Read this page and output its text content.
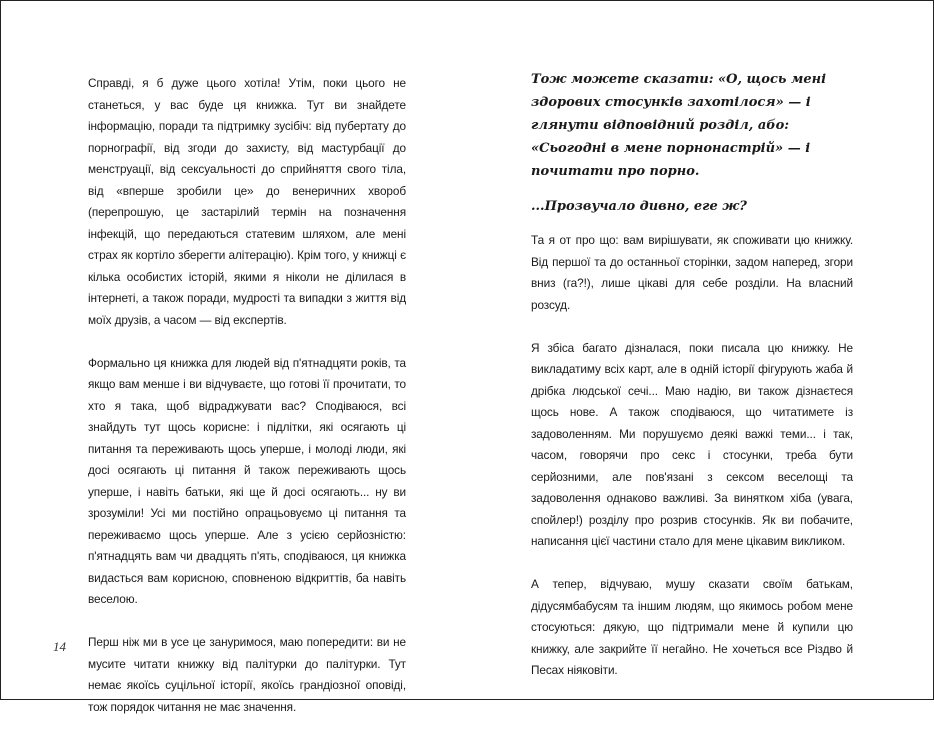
Справді, я б дуже цього хотіла! Утім, поки цього не станеться, у вас буде ця книжка. Тут ви знайдете інформацію, поради та підтримку зусібіч: від пубертату до порнографії, від згоди до захисту, від мастурбації до менструації, від сексуальності до сприйняття свого тіла, від «вперше зробили це» до венеричних хвороб (перепрошую, це застарілий термін на позначення інфекцій, що передаються статевим шляхом, але мені страх як кортіло зберегти алітерацію). Крім того, у книжці є кілька особистих історій, якими я ніколи не ділилася в інтернеті, а також поради, мудрості та випадки з життя від моїх друзів, а часом — від експертів.

Формально ця книжка для людей від п'ятнадцяти років, та якщо вам менше і ви відчуваєте, що готові її прочитати, то хто я така, щоб відраджувати вас? Сподіваюся, всі знайдуть тут щось корисне: і підлітки, які осягають ці питання та переживають щось уперше, і молоді люди, які досі осягають ці питання й також переживають щось уперше, і навіть батьки, які ще й досі осягають... ну ви зрозуміли! Усі ми постійно опрацьовуємо ці питання та переживаємо щось уперше. Але з усією серйозністю: п'ятнадцять вам чи двадцять п'ять, сподіваюся, ця книжка видасться вам корисною, сповненою відкриттів, ба навіть веселою.

Перш ніж ми в усе це зануримося, маю попередити: ви не мусите читати книжку від палітурки до палітурки. Тут немає якоїсь суцільної історії, якоїсь грандіозної оповіді, тож порядок читання не має значення.

14

Тож можете сказати: «О, щось мені здорових стосунків захотілося» — і глянути відповідний розділ, або: «Сьогодні в мене порнонастрій» — і почитати про порно.

...Прозвучало дивно, еге ж?

Та я от про що: вам вирішувати, як споживати цю книжку. Від першої та до останньої сторінки, задом наперед, згори вниз (га?!), лише цікаві для себе розділи. На власний розсуд.

Я збіса багато дізналася, поки писала цю книжку. Не викладатиму всіх карт, але в одній історії фігурують жаба й дрібка людської сечі... Маю надію, ви також дізнаєтеся щось нове. А також сподіваюся, що читатимете із задоволенням. Ми порушуємо деякі важкі теми... і так, часом, говорячи про секс і стосунки, треба бути серйозними, але пов'язані з сексом веселощі та задоволення однаково важливі. За винятком хіба (увага, спойлер!) розділу про розрив стосунків. Як ви побачите, написання цієї частини стало для мене цікавим викликом.

А тепер, відчуваю, мушу сказати своїм батькам, дідусямбабусям та іншим людям, що якимось робом мене стосуються: дякую, що підтримали мене й купили цю книжку, але закрийте її негайно. Не хочеться все Різдво й Песах ніяковіти.
